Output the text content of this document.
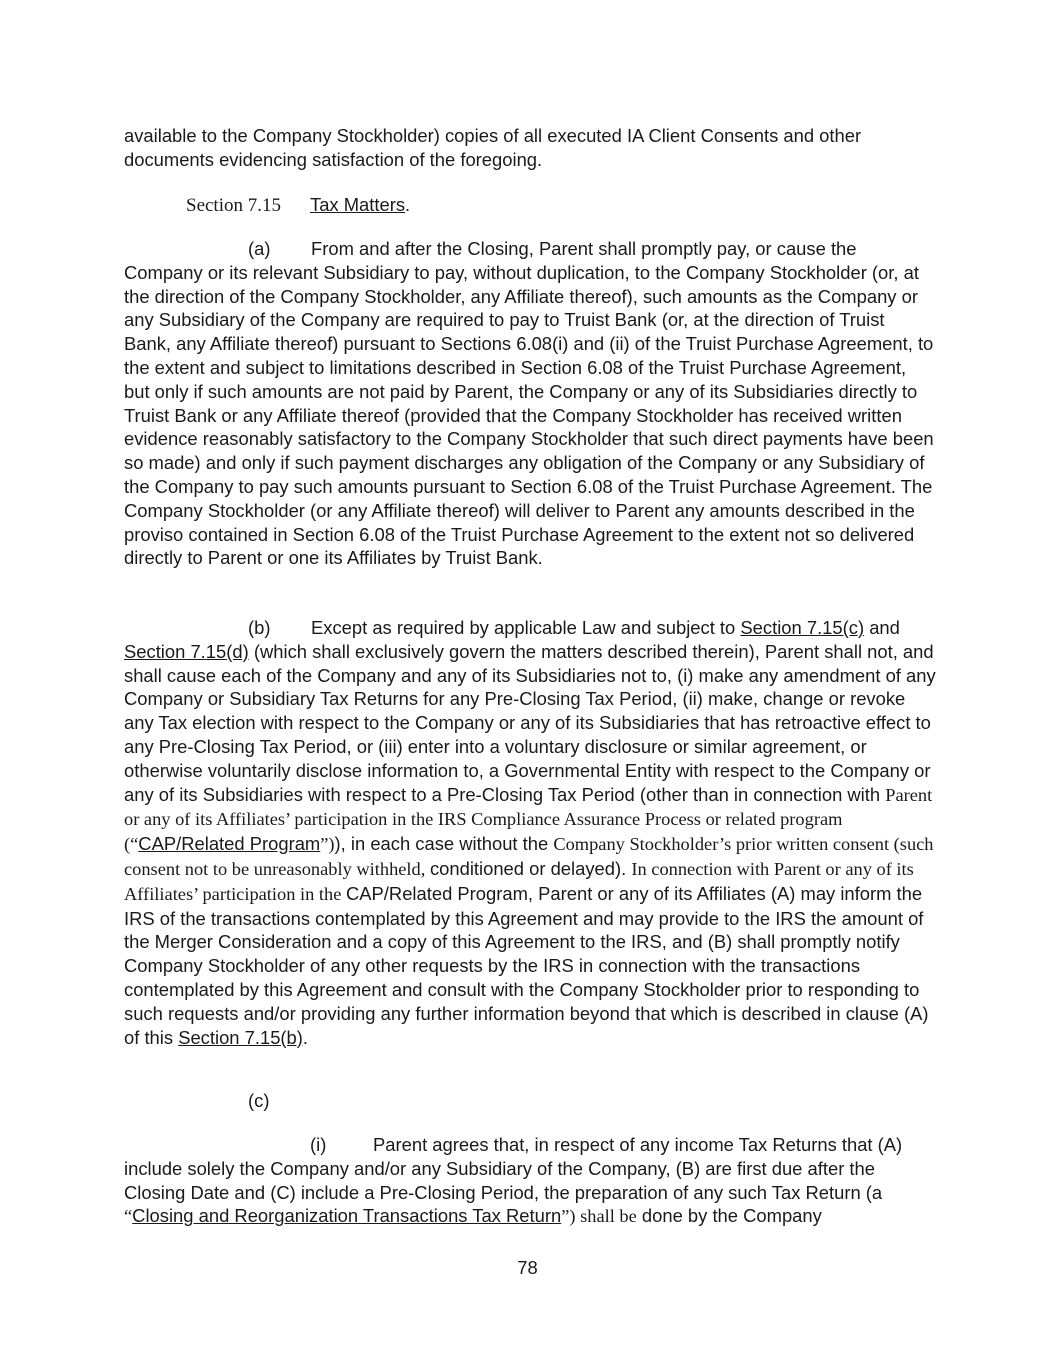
available to the Company Stockholder) copies of all executed IA Client Consents and other documents evidencing satisfaction of the foregoing.

Section 7.15 Tax Matters.

(a) From and after the Closing, Parent shall promptly pay, or cause the Company or its relevant Subsidiary to pay, without duplication, to the Company Stockholder (or, at the direction of the Company Stockholder, any Affiliate thereof), such amounts as the Company or any Subsidiary of the Company are required to pay to Truist Bank (or, at the direction of Truist Bank, any Affiliate thereof) pursuant to Sections 6.08(i) and (ii) of the Truist Purchase Agreement, to the extent and subject to limitations described in Section 6.08 of the Truist Purchase Agreement, but only if such amounts are not paid by Parent, the Company or any of its Subsidiaries directly to Truist Bank or any Affiliate thereof (provided that the Company Stockholder has received written evidence reasonably satisfactory to the Company Stockholder that such direct payments have been so made) and only if such payment discharges any obligation of the Company or any Subsidiary of the Company to pay such amounts pursuant to Section 6.08 of the Truist Purchase Agreement. The Company Stockholder (or any Affiliate thereof) will deliver to Parent any amounts described in the proviso contained in Section 6.08 of the Truist Purchase Agreement to the extent not so delivered directly to Parent or one its Affiliates by Truist Bank.

(b) Except as required by applicable Law and subject to Section 7.15(c) and Section 7.15(d) (which shall exclusively govern the matters described therein), Parent shall not, and shall cause each of the Company and any of its Subsidiaries not to, (i) make any amendment of any Company or Subsidiary Tax Returns for any Pre-Closing Tax Period, (ii) make, change or revoke any Tax election with respect to the Company or any of its Subsidiaries that has retroactive effect to any Pre-Closing Tax Period, or (iii) enter into a voluntary disclosure or similar agreement, or otherwise voluntarily disclose information to, a Governmental Entity with respect to the Company or any of its Subsidiaries with respect to a Pre-Closing Tax Period (other than in connection with Parent or any of its Affiliates’ participation in the IRS Compliance Assurance Process or related program (“CAP/Related Program”)), in each case without the Company Stockholder’s prior written consent (such consent not to be unreasonably withheld, conditioned or delayed). In connection with Parent or any of its Affiliates’ participation in the CAP/Related Program, Parent or any of its Affiliates (A) may inform the IRS of the transactions contemplated by this Agreement and may provide to the IRS the amount of the Merger Consideration and a copy of this Agreement to the IRS, and (B) shall promptly notify Company Stockholder of any other requests by the IRS in connection with the transactions contemplated by this Agreement and consult with the Company Stockholder prior to responding to such requests and/or providing any further information beyond that which is described in clause (A) of this Section 7.15(b).

(c)

(i)	Parent agrees that, in respect of any income Tax Returns that (A) include solely the Company and/or any Subsidiary of the Company, (B) are first due after the Closing Date and (C) include a Pre-Closing Period, the preparation of any such Tax Return (a “Closing and Reorganization Transactions Tax Return”) shall be done by the Company

78
